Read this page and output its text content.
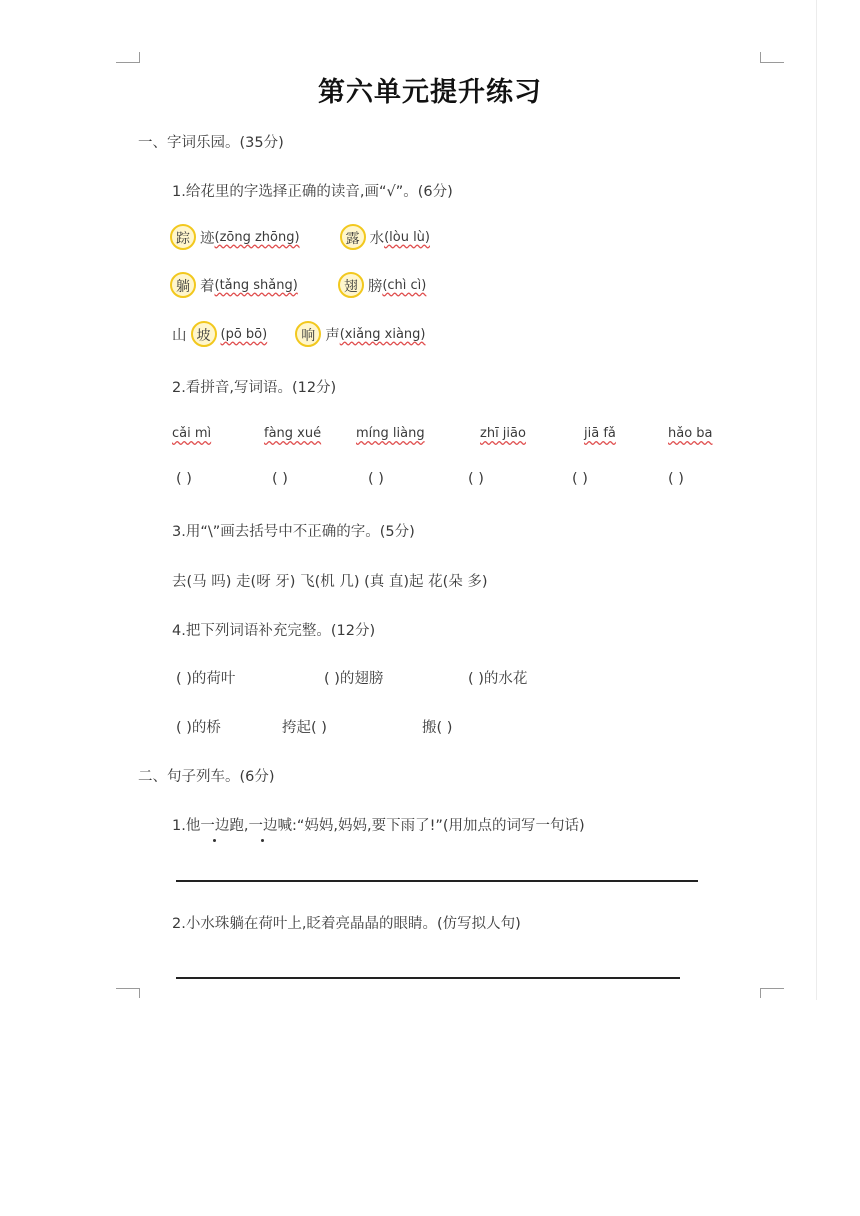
第六单元提升练习
一、字词乐园。(35分)
1.给花里的字选择正确的读音,画“√”。(6分)
踪 迹 (zōng zhōng)	露 水 (lòu lù)
躺 着 (tǎng shǎng)	翅 膀 (chì cì)
山 坡 (pō bō)	响 声 (xiǎng xiàng)
2.看拼音,写词语。(12分)
cǎi mì	fàng xué	míng liàng	zhī jiāo	jiā fǎ	hǎo ba
( )	( )	( )	( )	( )	( )
3.用“\”画去括号中不正确的字。(5分)
去(马 吗) 走(呀 牙) 飞(机 几) (真 直)起 花(朵 多)
4.把下列词语补充完整。(12分)
( )的荷叶	( )的翅膀	( )的水花
( )的桥	挎起( )	搬( )
二、句子列车。(6分)
1.他一边跑,一边喊:“妈妈,妈妈,要下雨了!”(用加点的词写一句话)
2.小水珠躺在荷叶上,眨着亮晶晶的眼睛。(仿写拟人句)
